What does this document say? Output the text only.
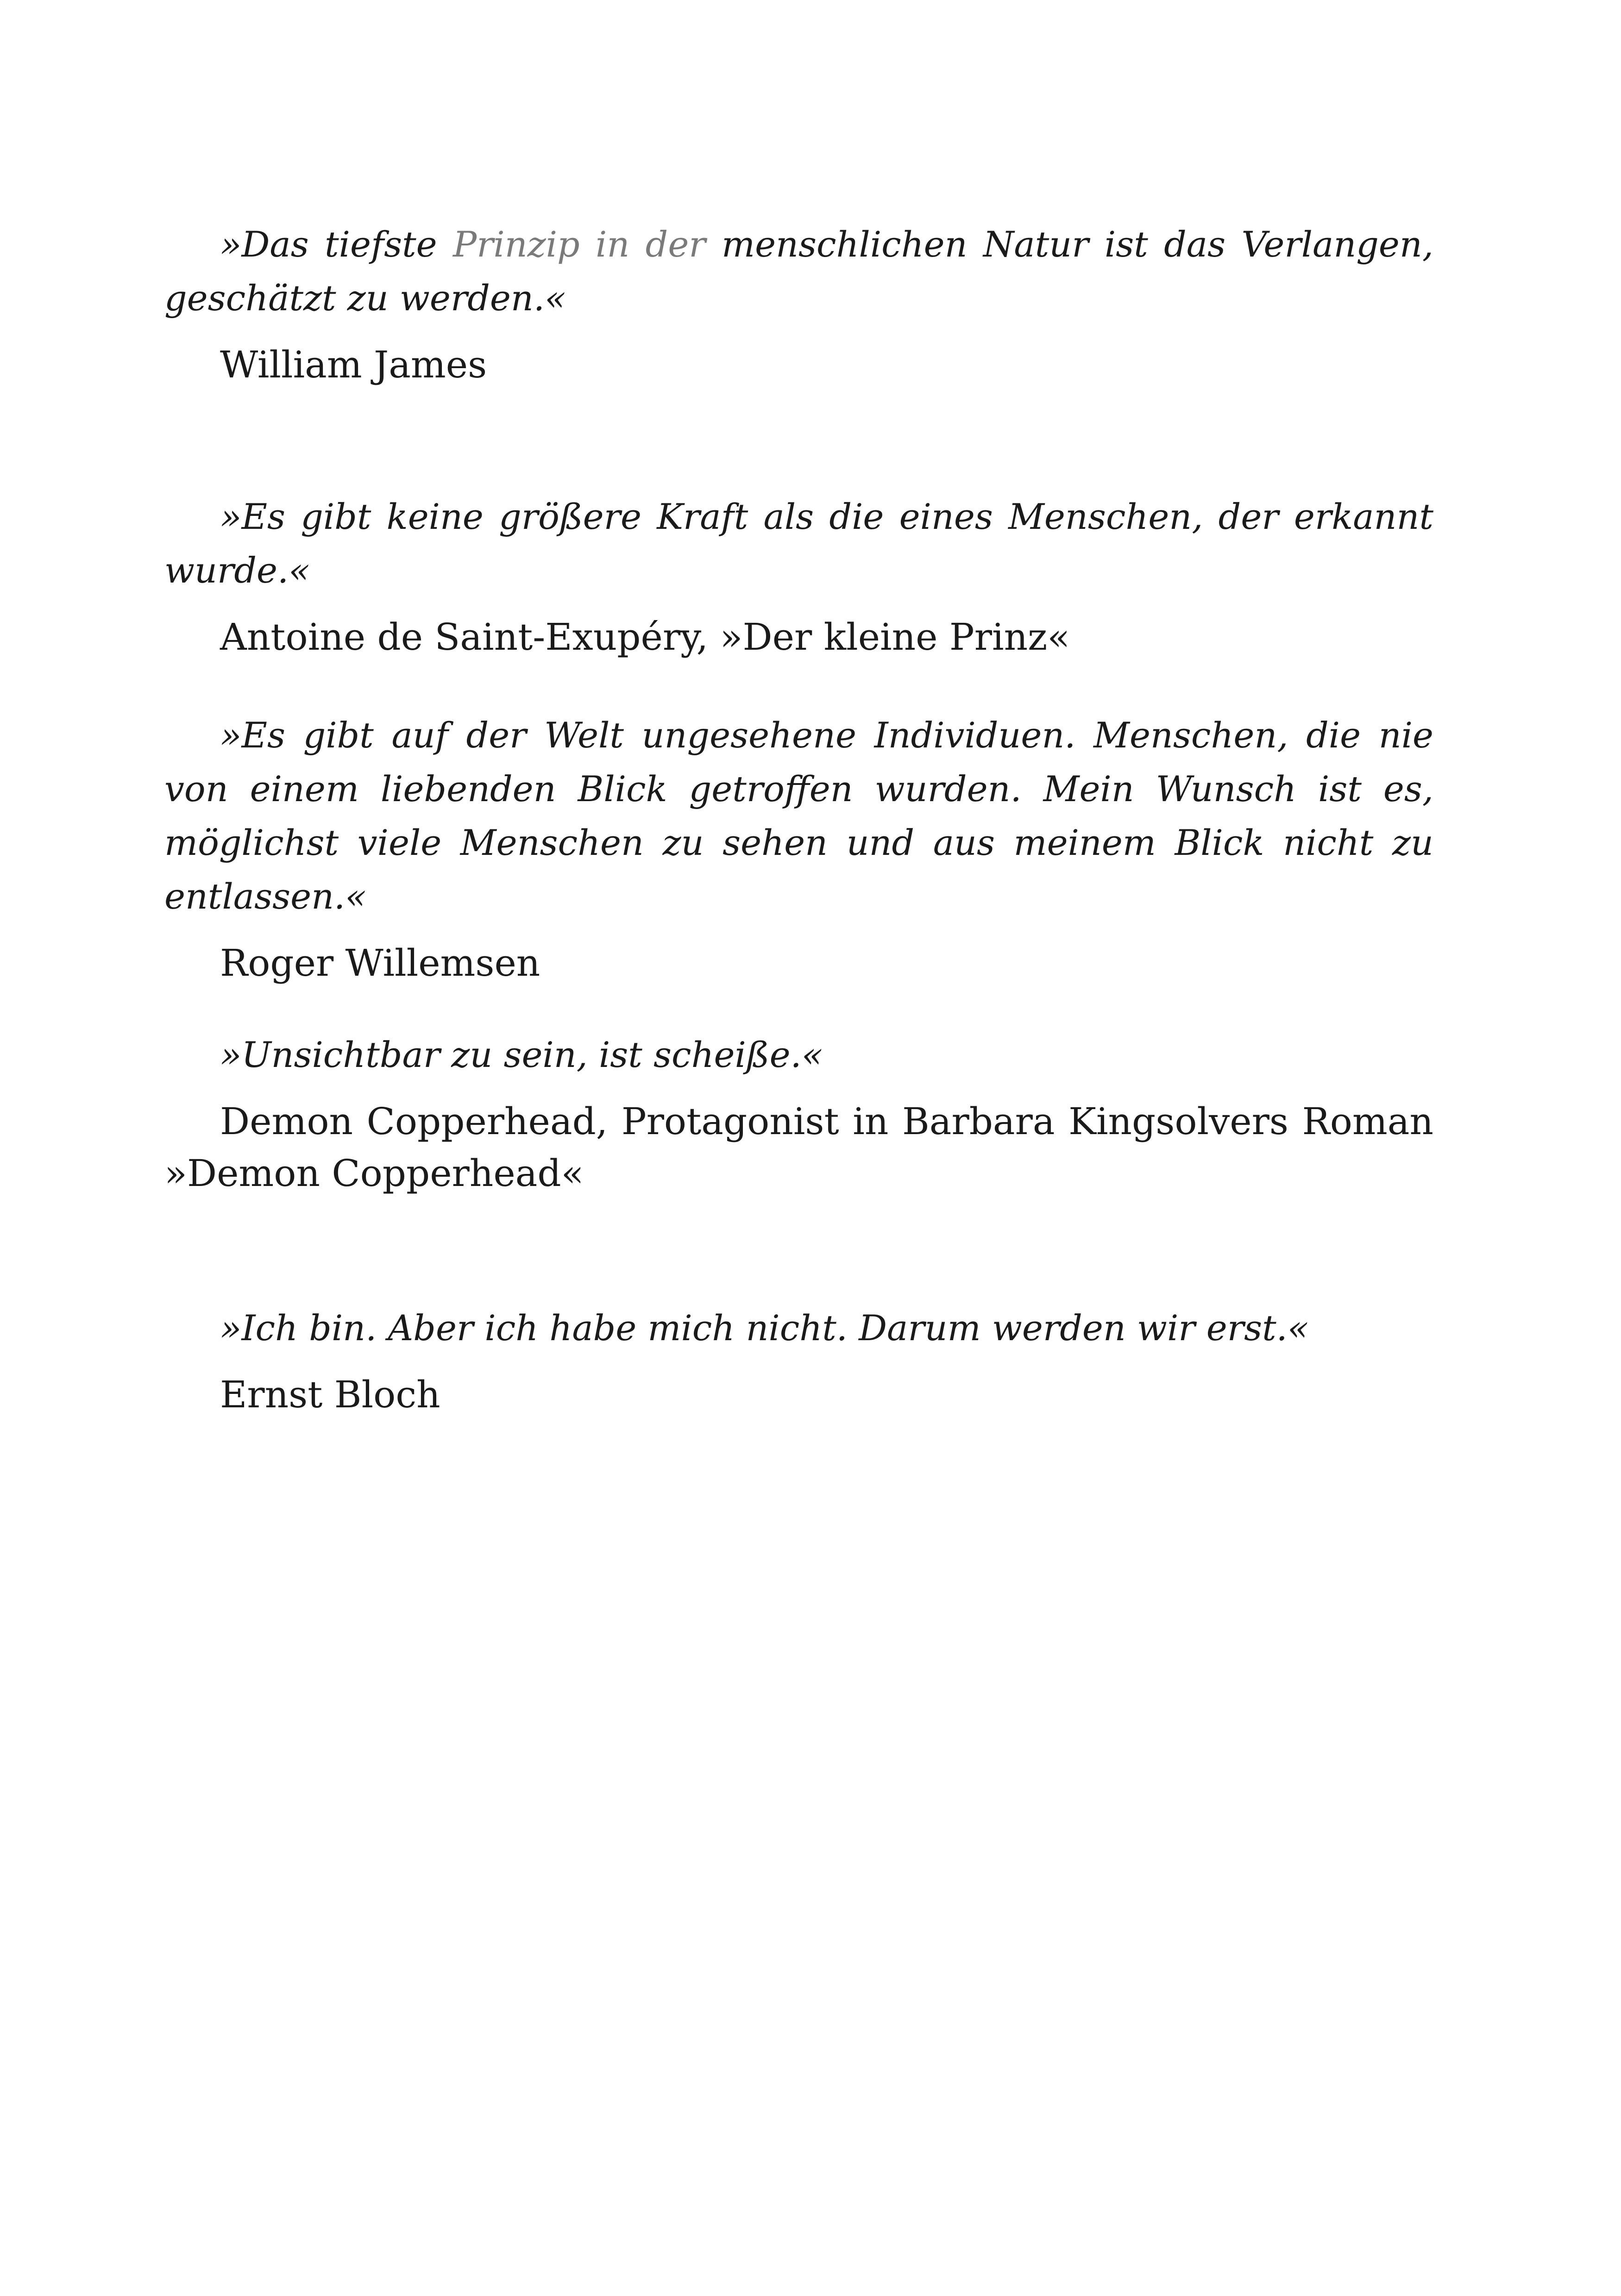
»Das tiefste Prinzip in der menschlichen Natur ist das Verlangen, geschätzt zu werden.«

William James

»Es gibt keine größere Kraft als die eines Menschen, der erkannt wurde.«

Antoine de Saint-Exupéry, »Der kleine Prinz«

»Es gibt auf der Welt ungesehene Individuen. Menschen, die nie von einem liebenden Blick getroffen wurden. Mein Wunsch ist es, möglichst viele Menschen zu sehen und aus meinem Blick nicht zu entlassen.«

Roger Willemsen

»Unsichtbar zu sein, ist scheiße.«

Demon Copperhead, Protagonist in Barbara Kingsolvers Roman »Demon Copperhead«

»Ich bin. Aber ich habe mich nicht. Darum werden wir erst.«

Ernst Bloch
